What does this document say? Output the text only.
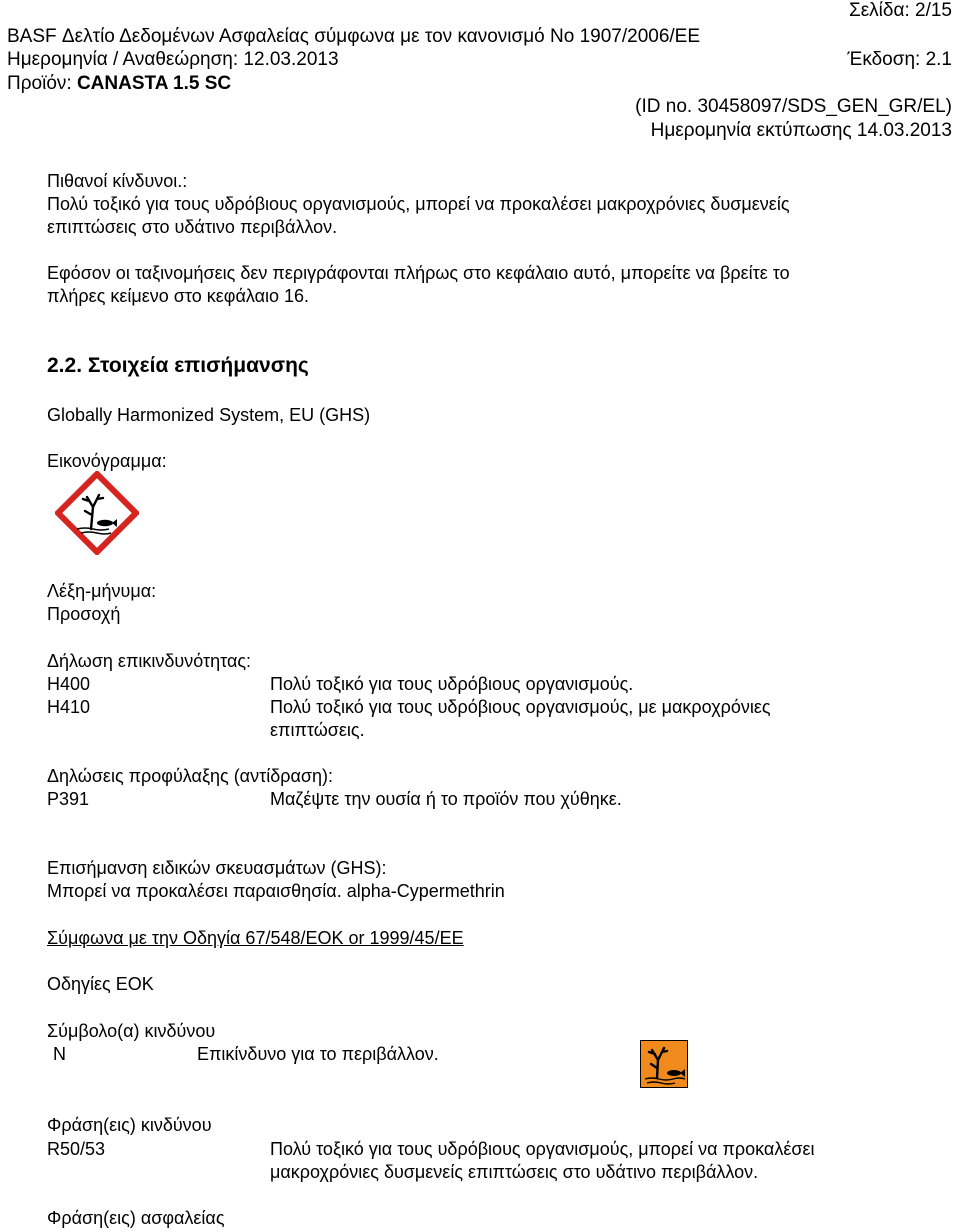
Σελίδα: 2/15
BASF Δελτίο Δεδομένων Ασφαλείας σύμφωνα με τον κανονισμό No 1907/2006/EE
Ημερομηνία / Αναθεώρηση: 12.03.2013	Έκδοση: 2.1
Προϊόν: CANASTA 1.5 SC
(ID no. 30458097/SDS_GEN_GR/EL)
Ημερομηνία εκτύπωσης 14.03.2013
Πιθανοί κίνδυνοι.:
Πολύ τοξικό για τους υδρόβιους οργανισμούς, μπορεί να προκαλέσει μακροχρόνιες δυσμενείς
επιπτώσεις στο υδάτινο περιβάλλον.
Εφόσον οι ταξινομήσεις δεν περιγράφονται πλήρως στο κεφάλαιο αυτό, μπορείτε να βρείτε το
πλήρες κείμενο στο κεφάλαιο 16.
2.2. Στοιχεία επισήμανσης
Globally Harmonized System, EU (GHS)
Εικονόγραμμα:
Λέξη-μήνυμα:
Προσοχή
Δήλωση επικινδυνότητας:
H400	Πολύ τοξικό για τους υδρόβιους οργανισμούς.
H410	Πολύ τοξικό για τους υδρόβιους οργανισμούς, με μακροχρόνιες
επιπτώσεις.
Δηλώσεις προφύλαξης (αντίδραση):
P391	Μαζέψτε την ουσία ή το προϊόν που χύθηκε.
Επισήμανση ειδικών σκευασμάτων (GHS):
Μπορεί να προκαλέσει παραισθησία. alpha-Cypermethrin
Σύμφωνα με την Οδηγία 67/548/ΕΟΚ or 1999/45/ΕΕ
Οδηγίες ΕΟΚ
Σύμβολο(α) κινδύνου
N	Επικίνδυνο για το περιβάλλον.
Φράση(εις) κινδύνου
R50/53	Πολύ τοξικό για τους υδρόβιους οργανισμούς, μπορεί να προκαλέσει
μακροχρόνιες δυσμενείς επιπτώσεις στο υδάτινο περιβάλλον.
Φράση(εις) ασφαλείας
